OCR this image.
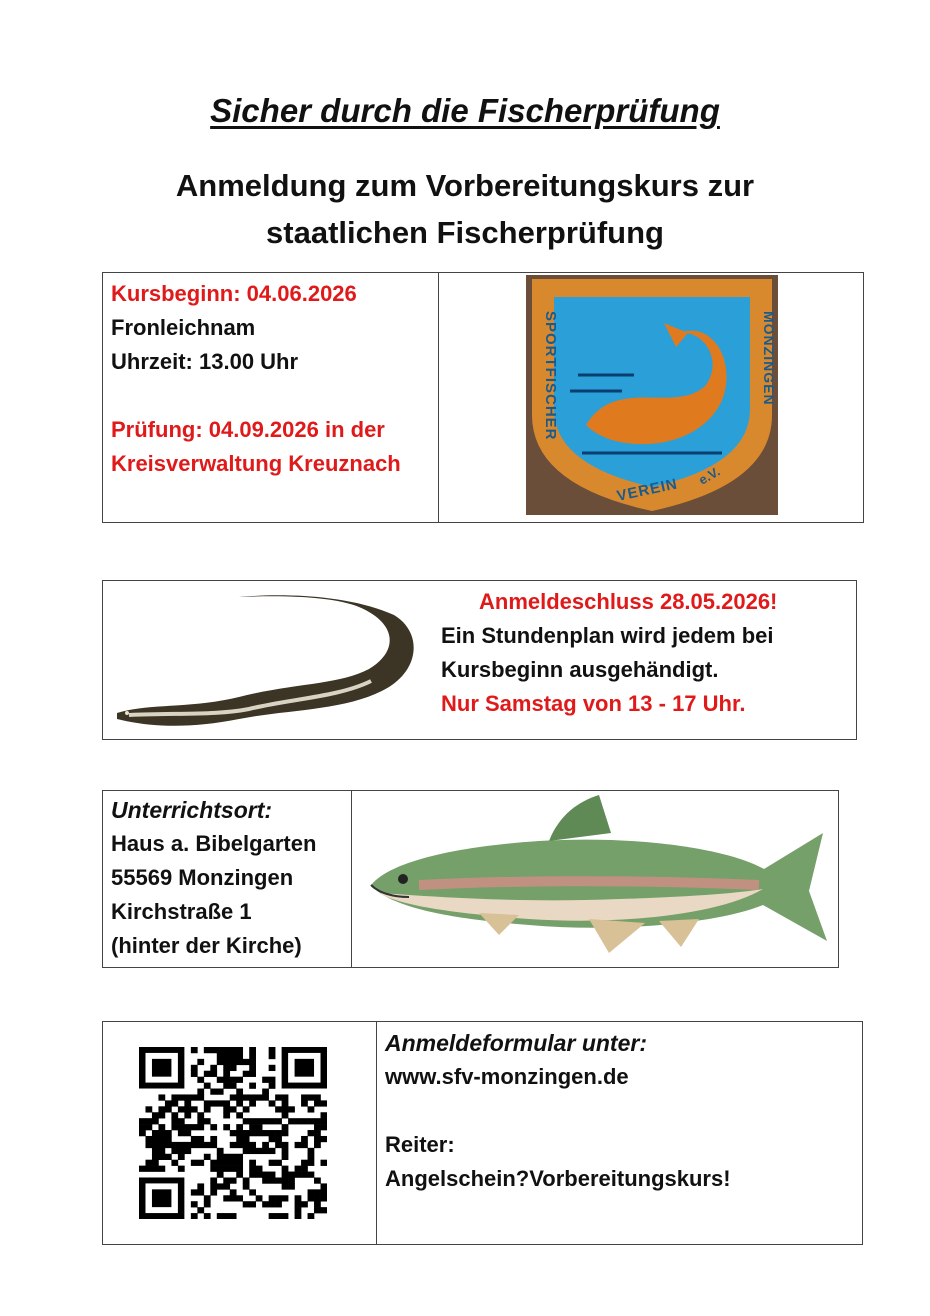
Sicher durch die Fischerprüfung
Anmeldung zum Vorbereitungskurs zur
staatlichen Fischerprüfung
Kursbeginn: 04.06.2026
Fronleichnam
Uhrzeit: 13.00 Uhr
Prüfung: 04.09.2026 in der
Kreisverwaltung Kreuznach
SPORTFISCHER	MONZINGEN
VEREIN e.V.
Anmeldeschluss 28.05.2026!
Ein Stundenplan wird jedem bei
Kursbeginn ausgehändigt.
Nur Samstag von 13 - 17 Uhr.
Unterrichtsort:
Haus a. Bibelgarten
55569 Monzingen
Kirchstraße 1
(hinter der Kirche)
Anmeldeformular unter:
www.sfv-monzingen.de
Reiter:
Angelschein?Vorbereitungskurs!
